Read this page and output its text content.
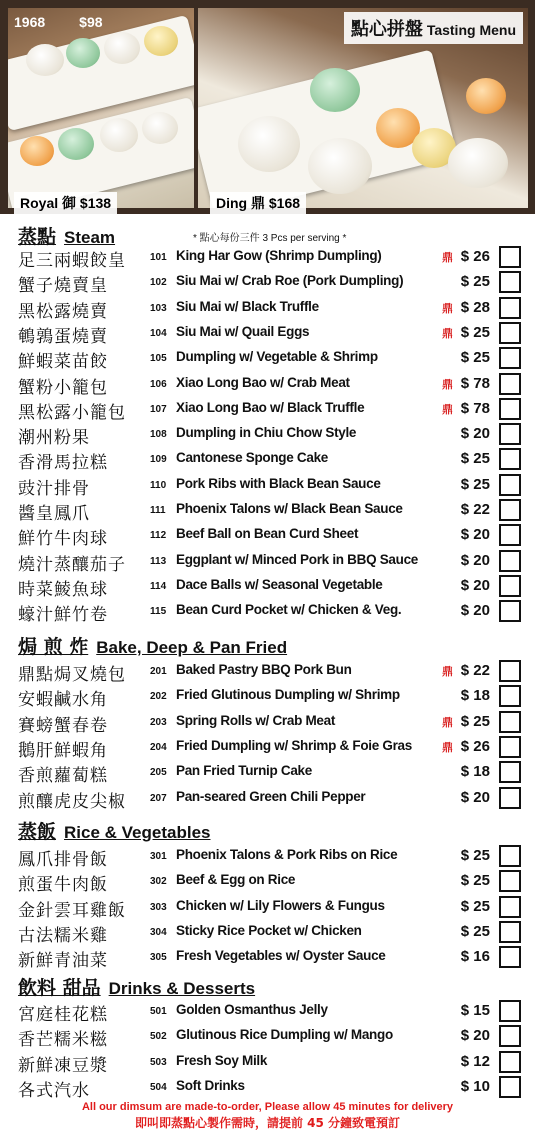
1968 $98	點心拼盤 Tasting Menu
Royal 御 $138	Ding 鼎 $168
* 點心每份三件 3 Pcs per serving *
蒸點 Steam
足三兩蝦餃皇 101 King Har Gow (Shrimp Dumpling)	鼎 $ 26
蟹子燒賣皇	102 Siu Mai w/ Crab Roe (Pork Dumpling)	$ 25
黑松露燒賣	103 Siu Mai w/ Black Truffle	鼎 $ 28
鵪鶉蛋燒賣	104 Siu Mai w/ Quail Eggs	鼎 $ 25
鮮蝦菜苗餃	105 Dumpling w/ Vegetable & Shrimp	$ 25
蟹粉小籠包	106 Xiao Long Bao w/ Crab Meat	鼎 $ 78
黑松露小籠包 107 Xiao Long Bao w/ Black Truffle	鼎 $ 78
潮州粉果	108 Dumpling in Chiu Chow Style	$ 20
香滑馬拉糕	109 Cantonese Sponge Cake	$ 25
豉汁排骨	110 Pork Ribs with Black Bean Sauce	$ 25
醬皇鳳爪	111 Phoenix Talons w/ Black Bean Sauce	$ 22
鮮竹牛肉球	112 Beef Ball on Bean Curd Sheet	$ 20
燒汁蒸釀茄子 113 Eggplant w/ Minced Pork in BBQ Sauce	$ 20
時菜鯪魚球	114 Dace Balls w/ Seasonal Vegetable	$ 20
蠔汁鮮竹卷	115 Bean Curd Pocket w/ Chicken & Veg.	$ 20
焗 煎 炸 Bake, Deep & Pan Fried
鼎點焗叉燒包 201 Baked Pastry BBQ Pork Bun	鼎 $ 22
安蝦鹹水角	202 Fried Glutinous Dumpling w/ Shrimp	$ 18
賽螃蟹春卷	203 Spring Rolls w/ Crab Meat	鼎 $ 25
鵝肝鮮蝦角	204 Fried Dumpling w/ Shrimp & Foie Gras	鼎 $ 26
香煎蘿蔔糕	205 Pan Fried Turnip Cake	$ 18
煎釀虎皮尖椒 207 Pan-seared Green Chili Pepper	$ 20
蒸飯 Rice & Vegetables
鳳爪排骨飯	301 Phoenix Talons & Pork Ribs on Rice	$ 25
煎蛋牛肉飯	302 Beef & Egg on Rice	$ 25
金針雲耳雞飯 303 Chicken w/ Lily Flowers & Fungus	$ 25
古法糯米雞	304 Sticky Rice Pocket w/ Chicken	$ 25
新鮮青油菜	305 Fresh Vegetables w/ Oyster Sauce	$ 16
飲料 甜品 Drinks & Desserts
宮庭桂花糕	501 Golden Osmanthus Jelly	$ 15
香芒糯米糍	502 Glutinous Rice Dumpling w/ Mango	$ 20
新鮮凍豆漿	503 Fresh Soy Milk	$ 12
各式汽水	504 Soft Drinks	$ 10
All our dimsum are made-to-order, Please allow 45 minutes for delivery
即叫即蒸點心製作需時，請提前 45 分鐘致電預訂
